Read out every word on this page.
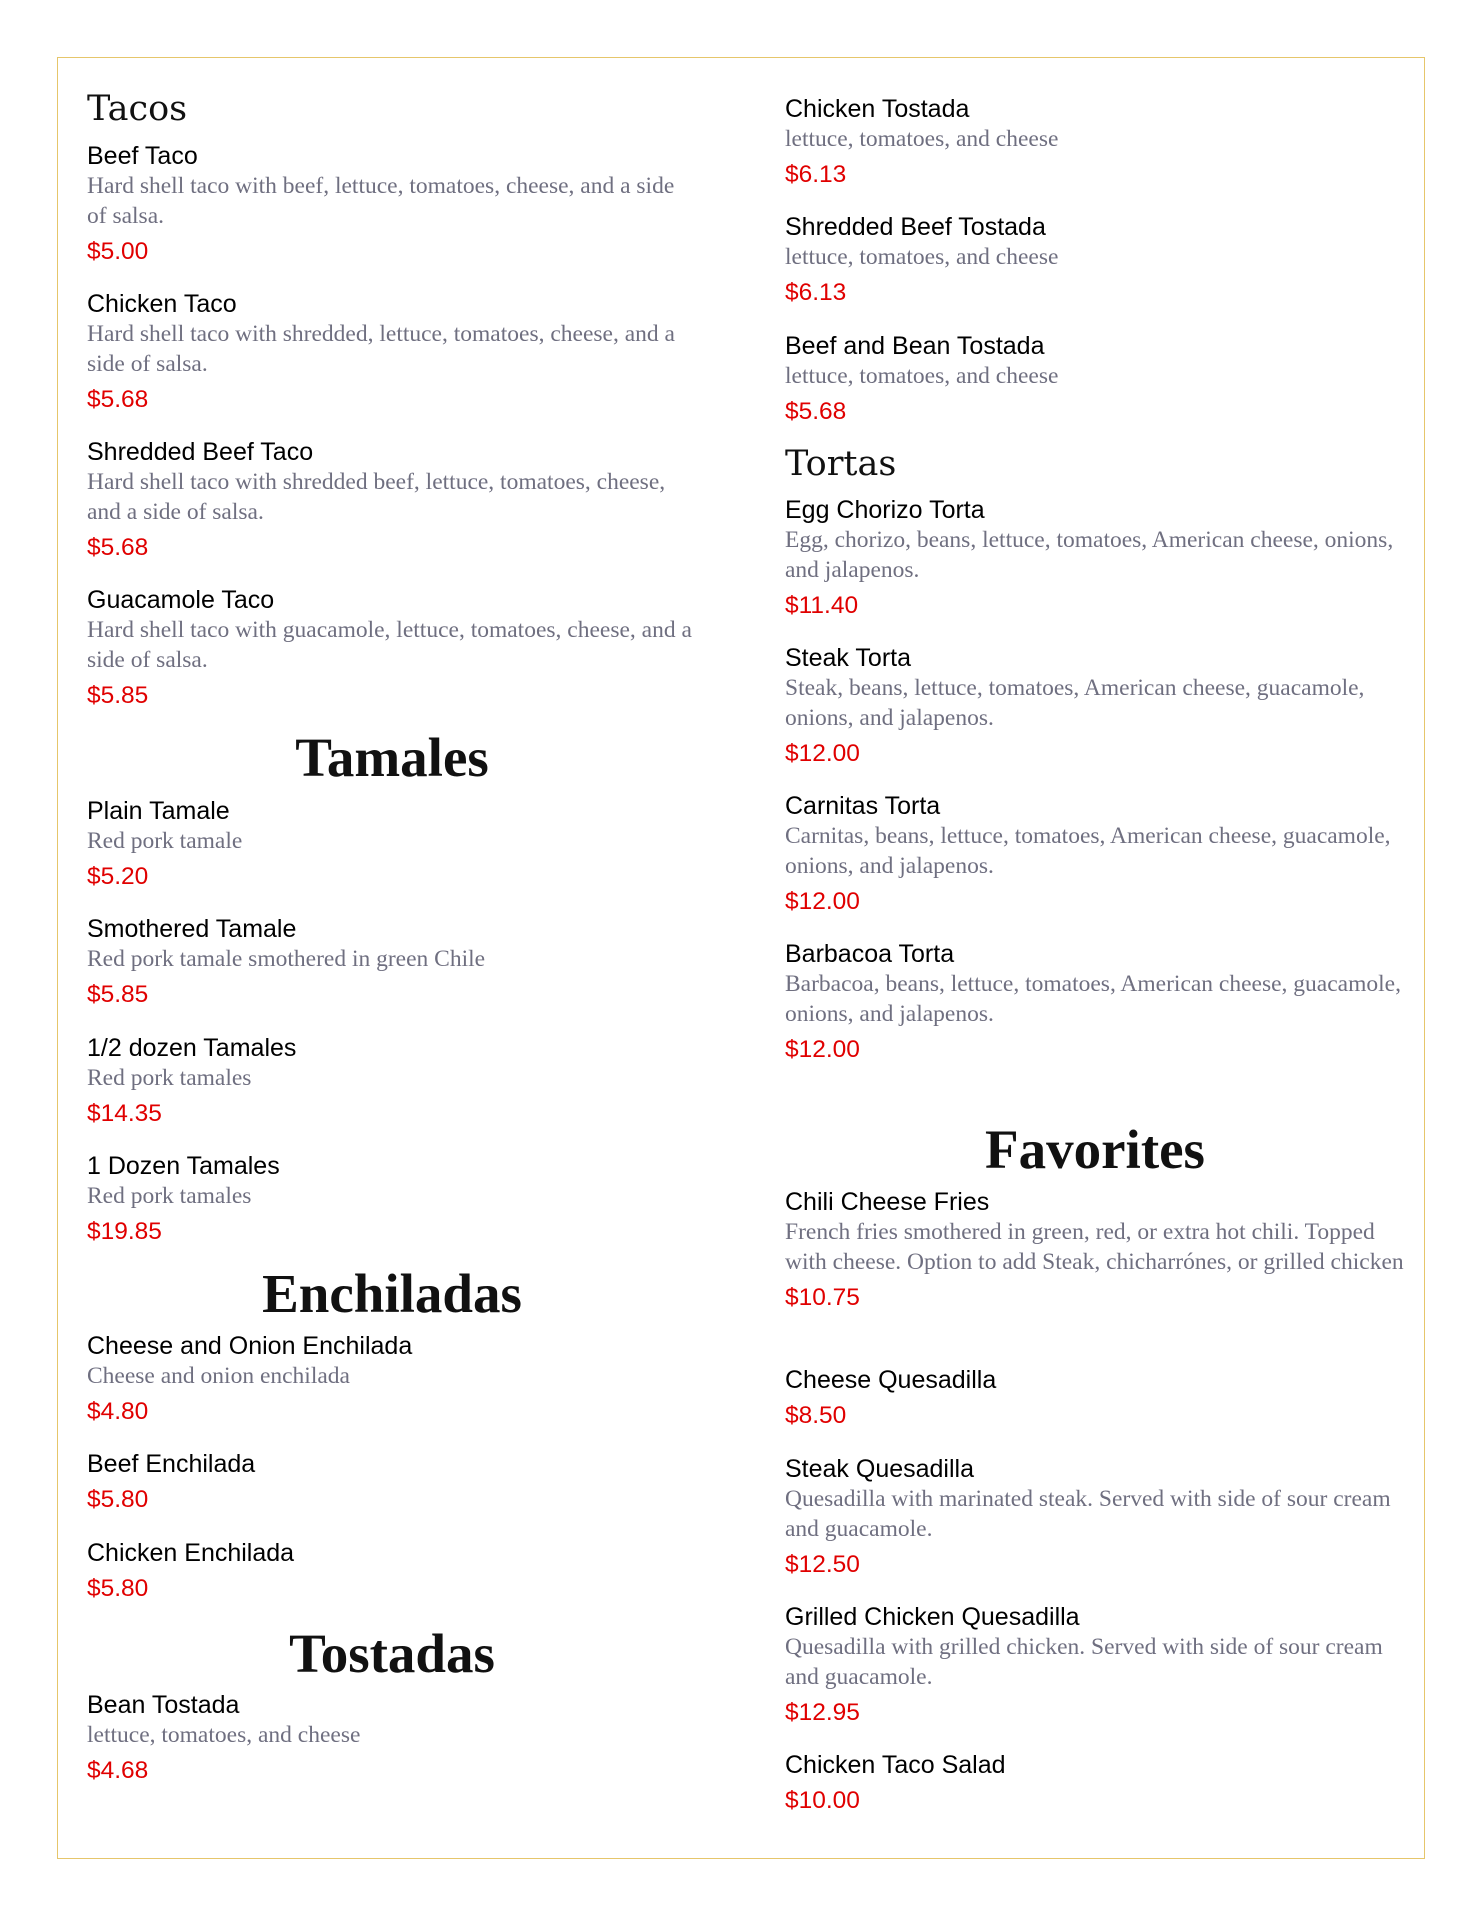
Tacos

Beef Taco

Hard shell taco with beef, lettuce, tomatoes, cheese, and a side of salsa.

$5.00

Chicken Taco

Hard shell taco with shredded, lettuce, tomatoes, cheese, and a side of salsa.

$5.68

Shredded Beef Taco

Hard shell taco with shredded beef, lettuce, tomatoes, cheese, and a side of salsa.

$5.68

Guacamole Taco

Hard shell taco with guacamole, lettuce, tomatoes, cheese, and a side of salsa.

$5.85

Tamales

Plain Tamale

Red pork tamale

$5.20

Smothered Tamale

Red pork tamale smothered in green Chile

$5.85

1/2 dozen Tamales

Red pork tamales

$14.35

1 Dozen Tamales

Red pork tamales

$19.85

Enchiladas

Cheese and Onion Enchilada

Cheese and onion enchilada

$4.80

Beef Enchilada

$5.80

Chicken Enchilada

$5.80

Tostadas

Bean Tostada

lettuce, tomatoes, and cheese

$4.68

Chicken Tostada

lettuce, tomatoes, and cheese

$6.13

Shredded Beef Tostada

lettuce, tomatoes, and cheese

$6.13

Beef and Bean Tostada

lettuce, tomatoes, and cheese

$5.68

Tortas

Egg Chorizo Torta

Egg, chorizo, beans, lettuce, tomatoes, American cheese, onions, and jalapenos.

$11.40

Steak Torta

Steak, beans, lettuce, tomatoes, American cheese, guacamole, onions, and jalapenos.

$12.00

Carnitas Torta

Carnitas, beans, lettuce, tomatoes, American cheese, guacamole, onions, and jalapenos.

$12.00

Barbacoa Torta

Barbacoa, beans, lettuce, tomatoes, American cheese, guacamole, onions, and jalapenos.

$12.00

Favorites

Chili Cheese Fries

French fries smothered in green, red, or extra hot chili. Topped with cheese. Option to add Steak, chicharrónes, or grilled chicken

$10.75

Cheese Quesadilla

$8.50

Steak Quesadilla

Quesadilla with marinated steak. Served with side of sour cream and guacamole.

$12.50

Grilled Chicken Quesadilla

Quesadilla with grilled chicken. Served with side of sour cream and guacamole.

$12.95

Chicken Taco Salad

$10.00
